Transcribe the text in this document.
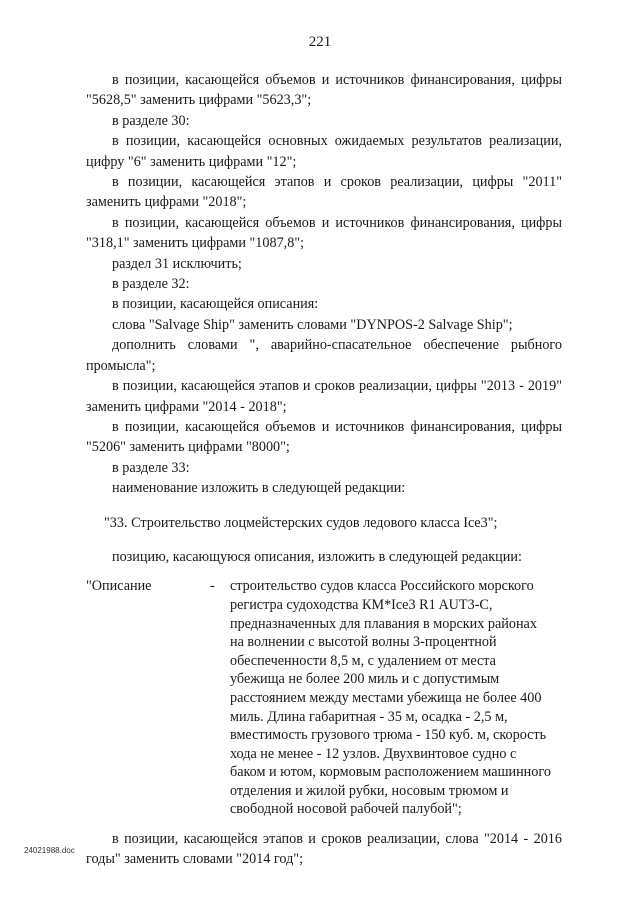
221

в позиции, касающейся объемов и источников финансирования, цифры "5628,5" заменить цифрами "5623,3";

в разделе 30:

в позиции, касающейся основных ожидаемых результатов реализации, цифру "6" заменить цифрами "12";

в позиции, касающейся этапов и сроков реализации, цифры "2011" заменить цифрами "2018";

в позиции, касающейся объемов и источников финансирования, цифры "318,1" заменить цифрами "1087,8";

раздел 31 исключить;

в разделе 32:

в позиции, касающейся описания:

слова "Salvage Ship" заменить словами "DYNPOS-2 Salvage Ship";

дополнить словами ", аварийно-спасательное обеспечение рыбного промысла";

в позиции, касающейся этапов и сроков реализации, цифры "2013 - 2019" заменить цифрами "2014 - 2018";

в позиции, касающейся объемов и источников финансирования, цифры "5206" заменить цифрами "8000";

в разделе 33:

наименование изложить в следующей редакции:

"33. Строительство лоцмейстерских судов ледового класса Ice3";

позицию, касающуюся описания, изложить в следующей редакции:

"Описание	-	строительство судов класса Российского морского регистра судоходства КМ*Ice3 R1 AUT3-C, предназначенных для плавания в морских районах на волнении с высотой волны 3-процентной обеспеченности 8,5 м, с удалением от места убежища не более 200 миль и с допустимым расстоянием между местами убежища не более 400 миль. Длина габаритная - 35 м, осадка - 2,5 м, вместимость грузового трюма - 150 куб. м, скорость хода не менее - 12 узлов. Двухвинтовое судно с баком и ютом, кормовым расположением машинного отделения и жилой рубки, носовым трюмом и свободной носовой рабочей палубой";

в позиции, касающейся этапов и сроков реализации, слова "2014 - 2016 годы" заменить словами "2014 год";

24021988.doc
